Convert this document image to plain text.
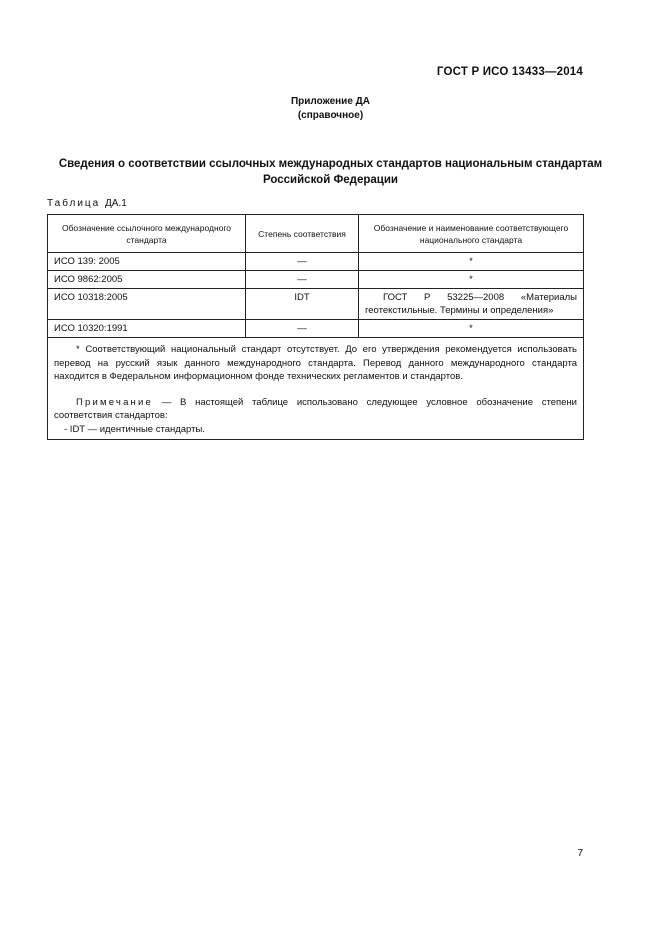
ГОСТ Р ИСО 13433—2014
Приложение ДА
(справочное)
Сведения о соответствии ссылочных международных стандартов национальным стандартам
Российской Федерации
Таблица ДА.1
Обозначение ссылочного международного стандарта	Степень соответствия	Обозначение и наименование соответствующего национального стандарта
ИСО 139: 2005	—	*
ИСО 9862:2005	—	*
ИСО 10318:2005	IDT	ГОСТ Р 53225—2008 «Материалы геотекстильные. Термины и определения»
ИСО 10320:1991	—	*

* Соответствующий национальный стандарт отсутствует. До его утверждения рекомендуется использовать перевод на русский язык данного международного стандарта. Перевод данного международного стандарта находится в Федеральном информационном фонде технических регламентов и стандартов.

Примечание — В настоящей таблице использовано следующее условное обозначение степени соответствия стандартов:

- IDT — идентичные стандарты.		

7
